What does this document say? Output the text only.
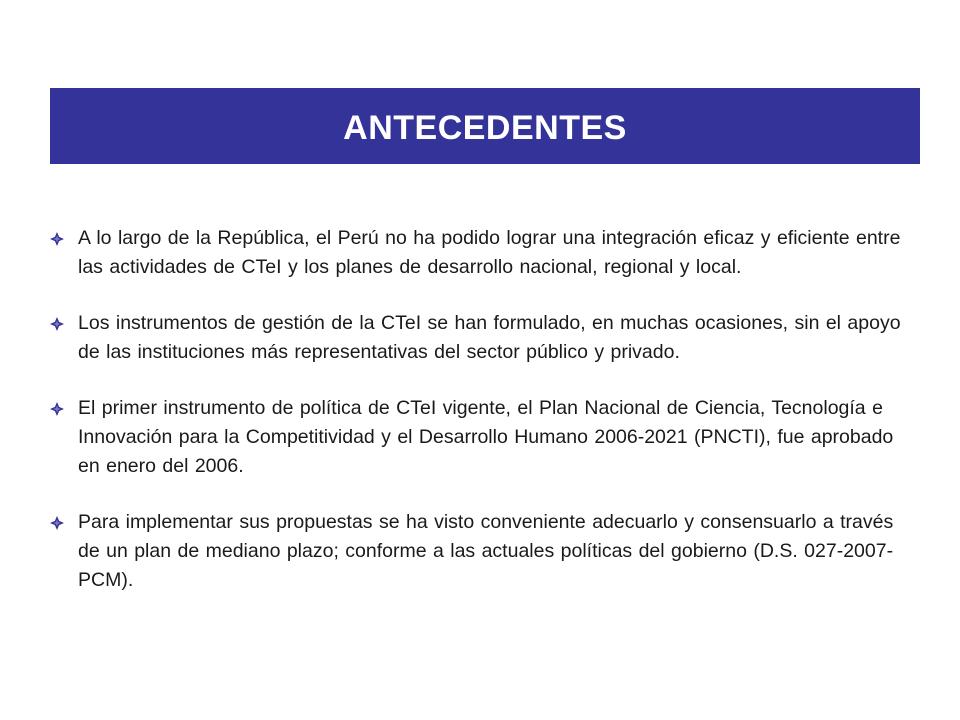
ANTECEDENTES
A lo largo de la República, el Perú no ha podido lograr una integración eficaz y eficiente entre las actividades de CTeI y los planes de desarrollo nacional, regional y local.
Los instrumentos de gestión de la CTeI se han formulado, en muchas ocasiones, sin el apoyo de las instituciones más representativas del sector público y privado.
El primer instrumento de política de CTeI vigente, el Plan Nacional de Ciencia, Tecnología e Innovación para la Competitividad y el Desarrollo Humano 2006-2021 (PNCTI), fue aprobado en enero del 2006.
Para implementar sus propuestas se ha visto conveniente adecuarlo y consensuarlo a través de un plan de mediano plazo; conforme a las actuales políticas del gobierno (D.S. 027-2007-PCM).
